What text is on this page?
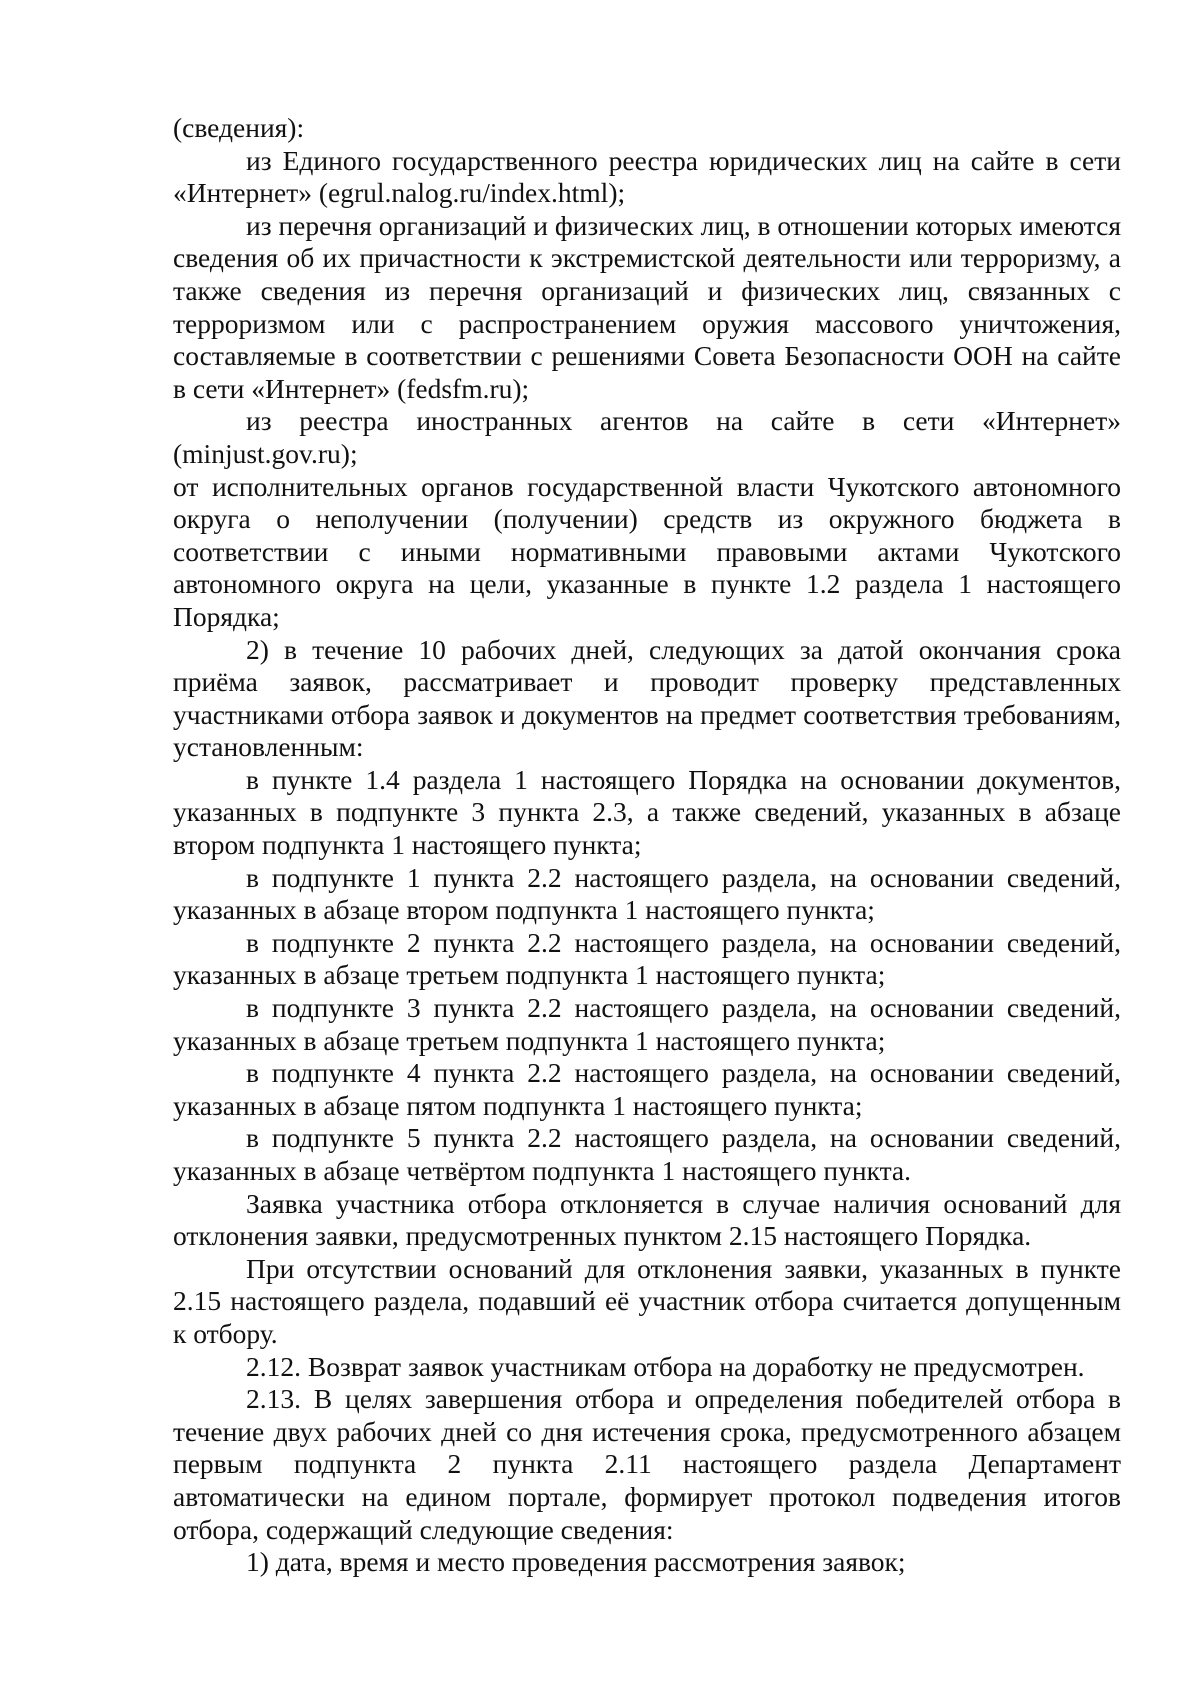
(сведения):

из Единого государственного реестра юридических лиц на сайте в сети «Интернет» (egrul.nalog.ru/index.html);

из перечня организаций и физических лиц, в отношении которых имеются сведения об их причастности к экстремистской деятельности или терроризму, а также сведения из перечня организаций и физических лиц, связанных с терроризмом или с распространением оружия массового уничтожения, составляемые в соответствии с решениями Совета Безопасности ООН на сайте в сети «Интернет» (fedsfm.ru);

из реестра иностранных агентов на сайте в сети «Интернет» (minjust.gov.ru);

от исполнительных органов государственной власти Чукотского автономного округа о неполучении (получении) средств из окружного бюджета в соответствии с иными нормативными правовыми актами Чукотского автономного округа на цели, указанные в пункте 1.2 раздела 1 настоящего Порядка;

2) в течение 10 рабочих дней, следующих за датой окончания срока приёма заявок, рассматривает и проводит проверку представленных участниками отбора заявок и документов на предмет соответствия требованиям, установленным:

в пункте 1.4 раздела 1 настоящего Порядка на основании документов, указанных в подпункте 3 пункта 2.3, а также сведений, указанных в абзаце втором подпункта 1 настоящего пункта;

в подпункте 1 пункта 2.2 настоящего раздела, на основании сведений, указанных в абзаце втором подпункта 1 настоящего пункта;

в подпункте 2 пункта 2.2 настоящего раздела, на основании сведений, указанных в абзаце третьем подпункта 1 настоящего пункта;

в подпункте 3 пункта 2.2 настоящего раздела, на основании сведений, указанных в абзаце третьем подпункта 1 настоящего пункта;

в подпункте 4 пункта 2.2 настоящего раздела, на основании сведений, указанных в абзаце пятом подпункта 1 настоящего пункта;

в подпункте 5 пункта 2.2 настоящего раздела, на основании сведений, указанных в абзаце четвёртом подпункта 1 настоящего пункта.

Заявка участника отбора отклоняется в случае наличия оснований для отклонения заявки, предусмотренных пунктом 2.15 настоящего Порядка.

При отсутствии оснований для отклонения заявки, указанных в пункте 2.15 настоящего раздела, подавший её участник отбора считается допущенным к отбору.

2.12. Возврат заявок участникам отбора на доработку не предусмотрен.

2.13. В целях завершения отбора и определения победителей отбора в течение двух рабочих дней со дня истечения срока, предусмотренного абзацем первым подпункта 2 пункта 2.11 настоящего раздела Департамент автоматически на едином портале, формирует протокол подведения итогов отбора, содержащий следующие сведения:

1) дата, время и место проведения рассмотрения заявок;
